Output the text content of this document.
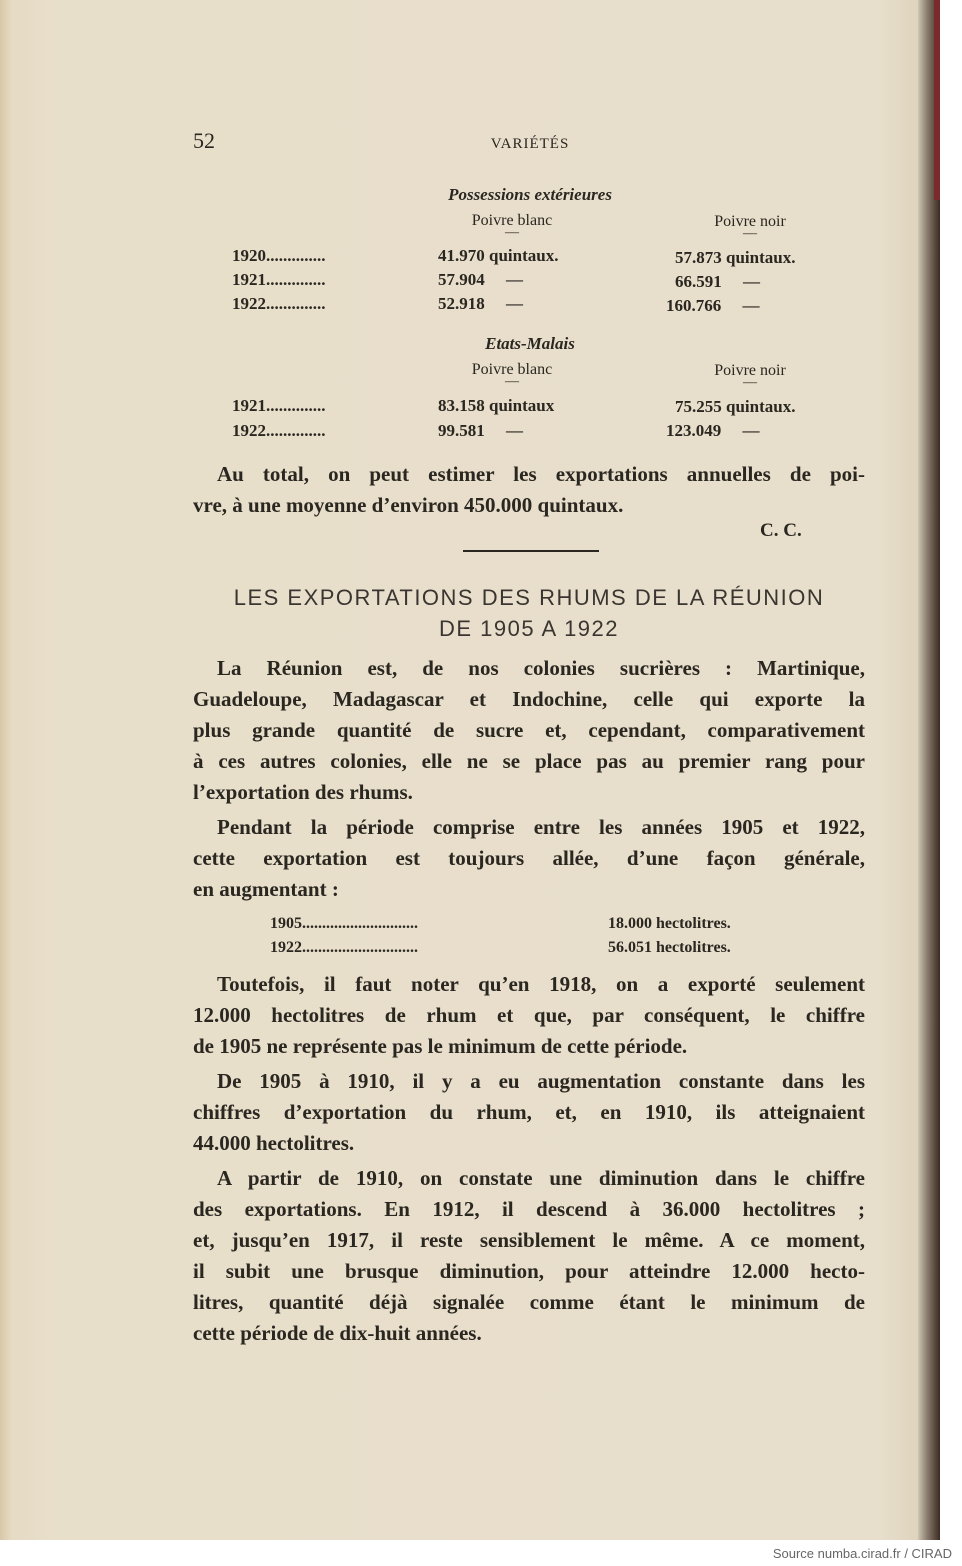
52	VARIÉTÉS
Possessions extérieures
Poivre blanc
—
Poivre noir
—
1920..............	41.970 quintaux.	57.873 quintaux.
1921..............	57.904     —	66.591     —
1922..............	52.918     —	160.766     —
Etats-Malais
Poivre blanc
—
Poivre noir
—
1921..............	83.158 quintaux	75.255 quintaux.
1922..............	99.581     —	123.049     —
Au total, on peut estimer les exportations annuelles de poi-
vre, à une moyenne d’environ 450.000 quintaux.
C. C.
LES EXPORTATIONS DES RHUMS DE LA RÉUNION
DE 1905 A 1922
La Réunion est, de nos colonies sucrières : Martinique,
Guadeloupe, Madagascar et Indochine, celle qui exporte la
plus grande quantité de sucre et, cependant, comparativement
à ces autres colonies, elle ne se place pas au premier rang pour
l’exportation des rhums.
Pendant la période comprise entre les années 1905 et 1922,
cette exportation est toujours allée, d’une façon générale,
en augmentant :
1905.............................	18.000 hectolitres.
1922.............................	56.051 hectolitres.
Toutefois, il faut noter qu’en 1918, on a exporté seulement
12.000 hectolitres de rhum et que, par conséquent, le chiffre
de 1905 ne représente pas le minimum de cette période.
De 1905 à 1910, il y a eu augmentation constante dans les
chiffres d’exportation du rhum, et, en 1910, ils atteignaient
44.000 hectolitres.
A partir de 1910, on constate une diminution dans le chiffre
des exportations. En 1912, il descend à 36.000 hectolitres ;
et, jusqu’en 1917, il reste sensiblement le même. A ce moment,
il subit une brusque diminution, pour atteindre 12.000 hecto-
litres, quantité déjà signalée comme étant le minimum de
cette période de dix-huit années.
Source numba.cirad.fr / CIRAD
